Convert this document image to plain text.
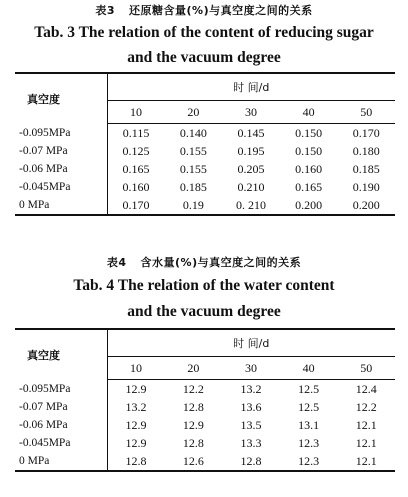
表3 还原糖含量(%)与真空度之间的关系
Tab. 3 The relation of the content of reducing sugar
and the vacuum degree
真空度	时 间/d				
	10	20	30	40	50
-0.095MPa	0.115	0.140	0.145	0.150	0.170
-0.07 MPa	0.125	0.155	0.195	0.150	0.180
-0.06 MPa	0.165	0.155	0.205	0.160	0.185
-0.045MPa	0.160	0.185	0.210	0.165	0.190
0 MPa	0.170	0.19	0. 210	0.200	0.200
表4 含水量(%)与真空度之间的关系
Tab. 4 The relation of the water content
and the vacuum degree
真空度	时 间/d				
	10	20	30	40	50
-0.095MPa	12.9	12.2	13.2	12.5	12.4
-0.07 MPa	13.2	12.8	13.6	12.5	12.2
-0.06 MPa	12.9	12.9	13.5	13.1	12.1
-0.045MPa	12.9	12.8	13.3	12.3	12.1
0 MPa	12.8	12.6	12.8	12.3	12.1
